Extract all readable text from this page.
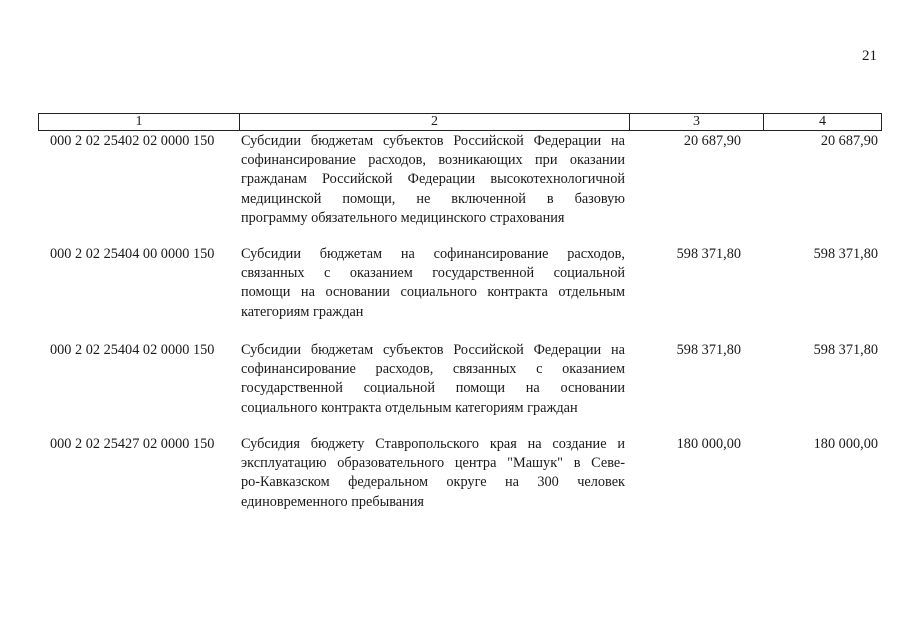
21
1	2	3	4
000 2 02 25402 02 0000 150 Субсидии бюджетам субъектов Российской Федерации на
софинансирование расходов, возникающих при оказании
гражданам Российской Федерации высокотехнологичной
медицинской помощи, не включенной в базовую
программу обязательного медицинского страхования
20 687,90	20 687,90
000 2 02 25404 00 0000 150 Субсидии бюджетам на софинансирование расходов,
связанных с оказанием государственной социальной
помощи на основании социального контракта отдельным
категориям граждан
598 371,80	598 371,80
000 2 02 25404 02 0000 150 Субсидии бюджетам субъектов Российской Федерации на
софинансирование расходов, связанных с оказанием
государственной социальной помощи на основании
социального контракта отдельным категориям граждан
598 371,80	598 371,80
000 2 02 25427 02 0000 150 Субсидия бюджету Ставропольского края на создание и
эксплуатацию образовательного центра "Машук" в Севе-
ро-Кавказском федеральном округе на 300 человек
единовременного пребывания
180 000,00	180 000,00
